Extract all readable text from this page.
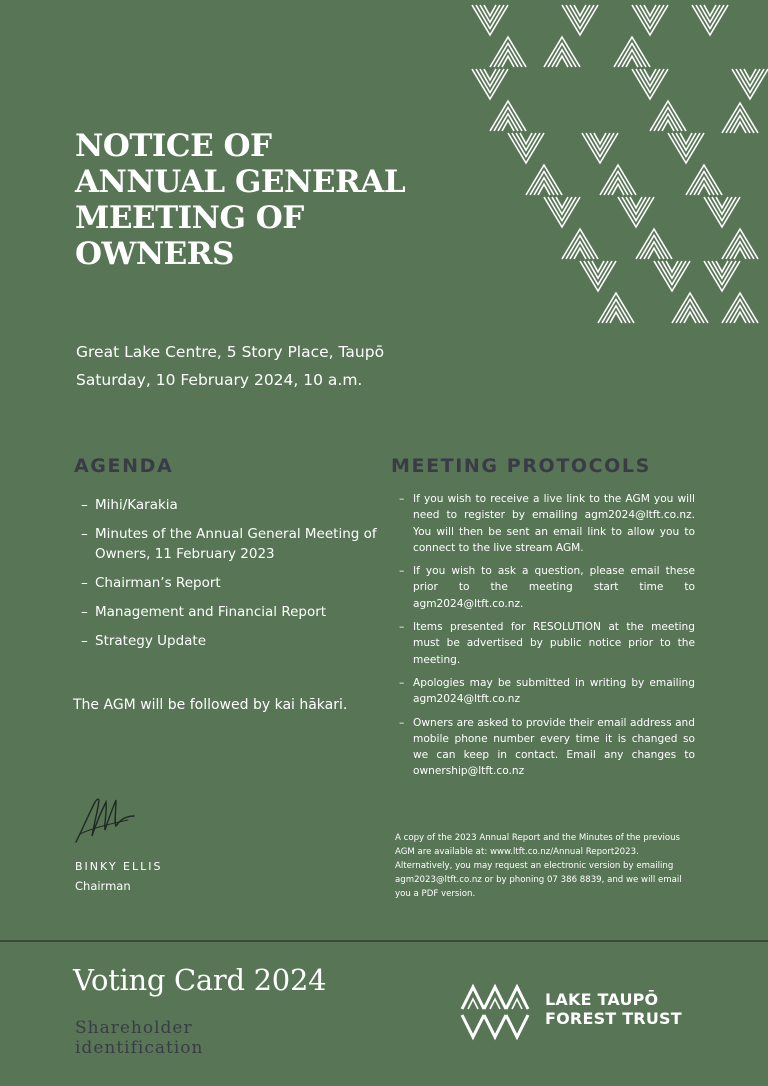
NOTICE OF
ANNUAL GENERAL
MEETING OF
OWNERS
Great Lake Centre, 5 Story Place, Taupō
Saturday, 10 February 2024, 10 a.m.
AGENDA
– Mihi/Karakia
– Minutes of the Annual General Meeting of Owners, 11 February 2023
– Chairman’s Report
– Management and Financial Report
– Strategy Update

The AGM will be followed by kai hākari.

MEETING PROTOCOLS
– If you wish to receive a live link to the AGM you will need to register by emailing agm2024@ltft.co.nz. You will then be sent an email link to allow you to connect to the live stream AGM.
– If you wish to ask a question, please email these prior to the meeting start time to agm2024@ltft.co.nz.
– Items presented for RESOLUTION at the meeting must be advertised by public notice prior to the meeting.
– Apologies may be submitted in writing by emailing agm2024@ltft.co.nz
– Owners are asked to provide their email address and mobile phone number every time it is changed so we can keep in contact. Email any changes to ownership@ltft.co.nz
BINKY ELLIS
Chairman

A copy of the 2023 Annual Report and the Minutes of the previous AGM are available at: www.ltft.co.nz/Annual Report2023. Alternatively, you may request an electronic version by emailing agm2023@ltft.co.nz or by phoning 07 386 8839, and we will email you a PDF version.

Voting Card 2024
Shareholder
identification
LAKE TAUPŌ
FOREST TRUST
